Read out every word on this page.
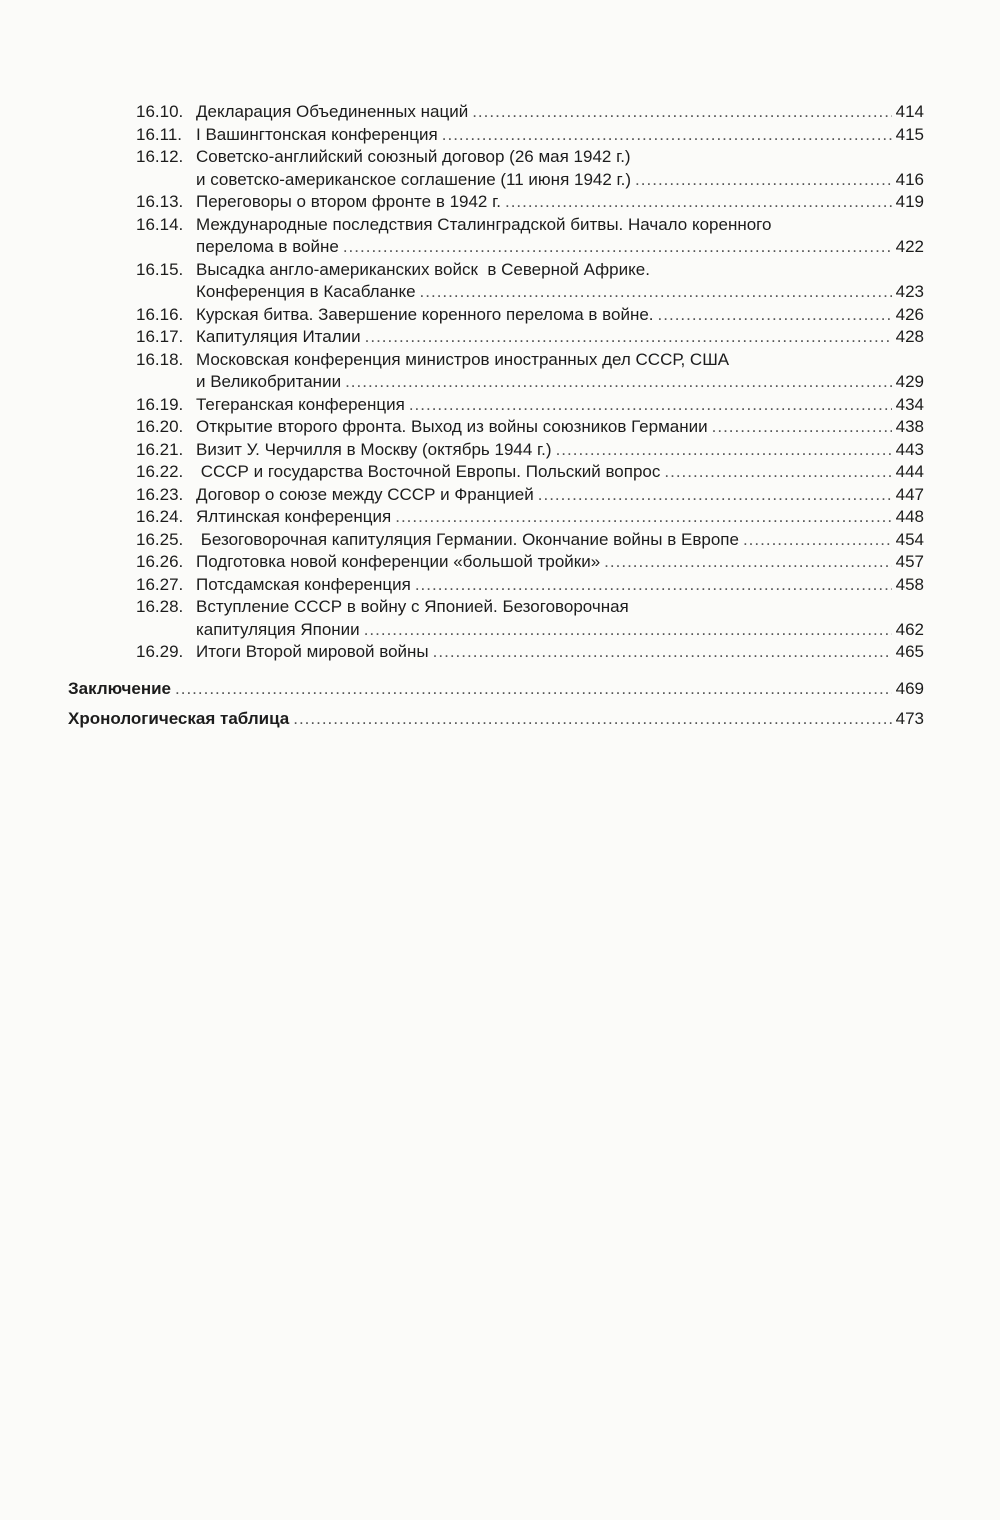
16.10. Декларация Объединенных наций .....	414
16.11. I Вашингтонская конференция .....	415
16.12. Советско-английский союзный договор (26 мая 1942 г.)
и советско-американское соглашение (11 июня 1942 г.) .....	416
16.13. Переговоры о втором фронте в 1942 г. .....	419
16.14. Международные последствия Сталинградской битвы. Начало коренного
перелома в войне .....	422
16.15. Высадка англо-американских войск  в Северной Африке.
Конференция в Касабланке .....	423
16.16. Курская битва. Завершение коренного перелома в войне. .....	426
16.17. Капитуляция Италии .....	428
16.18. Московская конференция министров иностранных дел СССР, США
и Великобритании .....	429
16.19. Тегеранская конференция .....	434
16.20. Открытие второго фронта. Выход из войны союзников Германии .....	438
16.21. Визит У. Черчилля в Москву (октябрь 1944 г.) .....	443
16.22. СССР и государства Восточной Европы. Польский вопрос .....	444
16.23. Договор о союзе между СССР и Францией .....	447
16.24. Ялтинская конференция .....	448
16.25. Безоговорочная капитуляция Германии. Окончание войны в Европе .....	454
16.26. Подготовка новой конференции «большой тройки» .....	457
16.27. Потсдамская конференция .....	458
16.28. Вступление СССР в войну с Японией. Безоговорочная
капитуляция Японии .....	462
16.29. Итоги Второй мировой войны .....	465
Заключение .....	469
Хронологическая таблица .....	473
